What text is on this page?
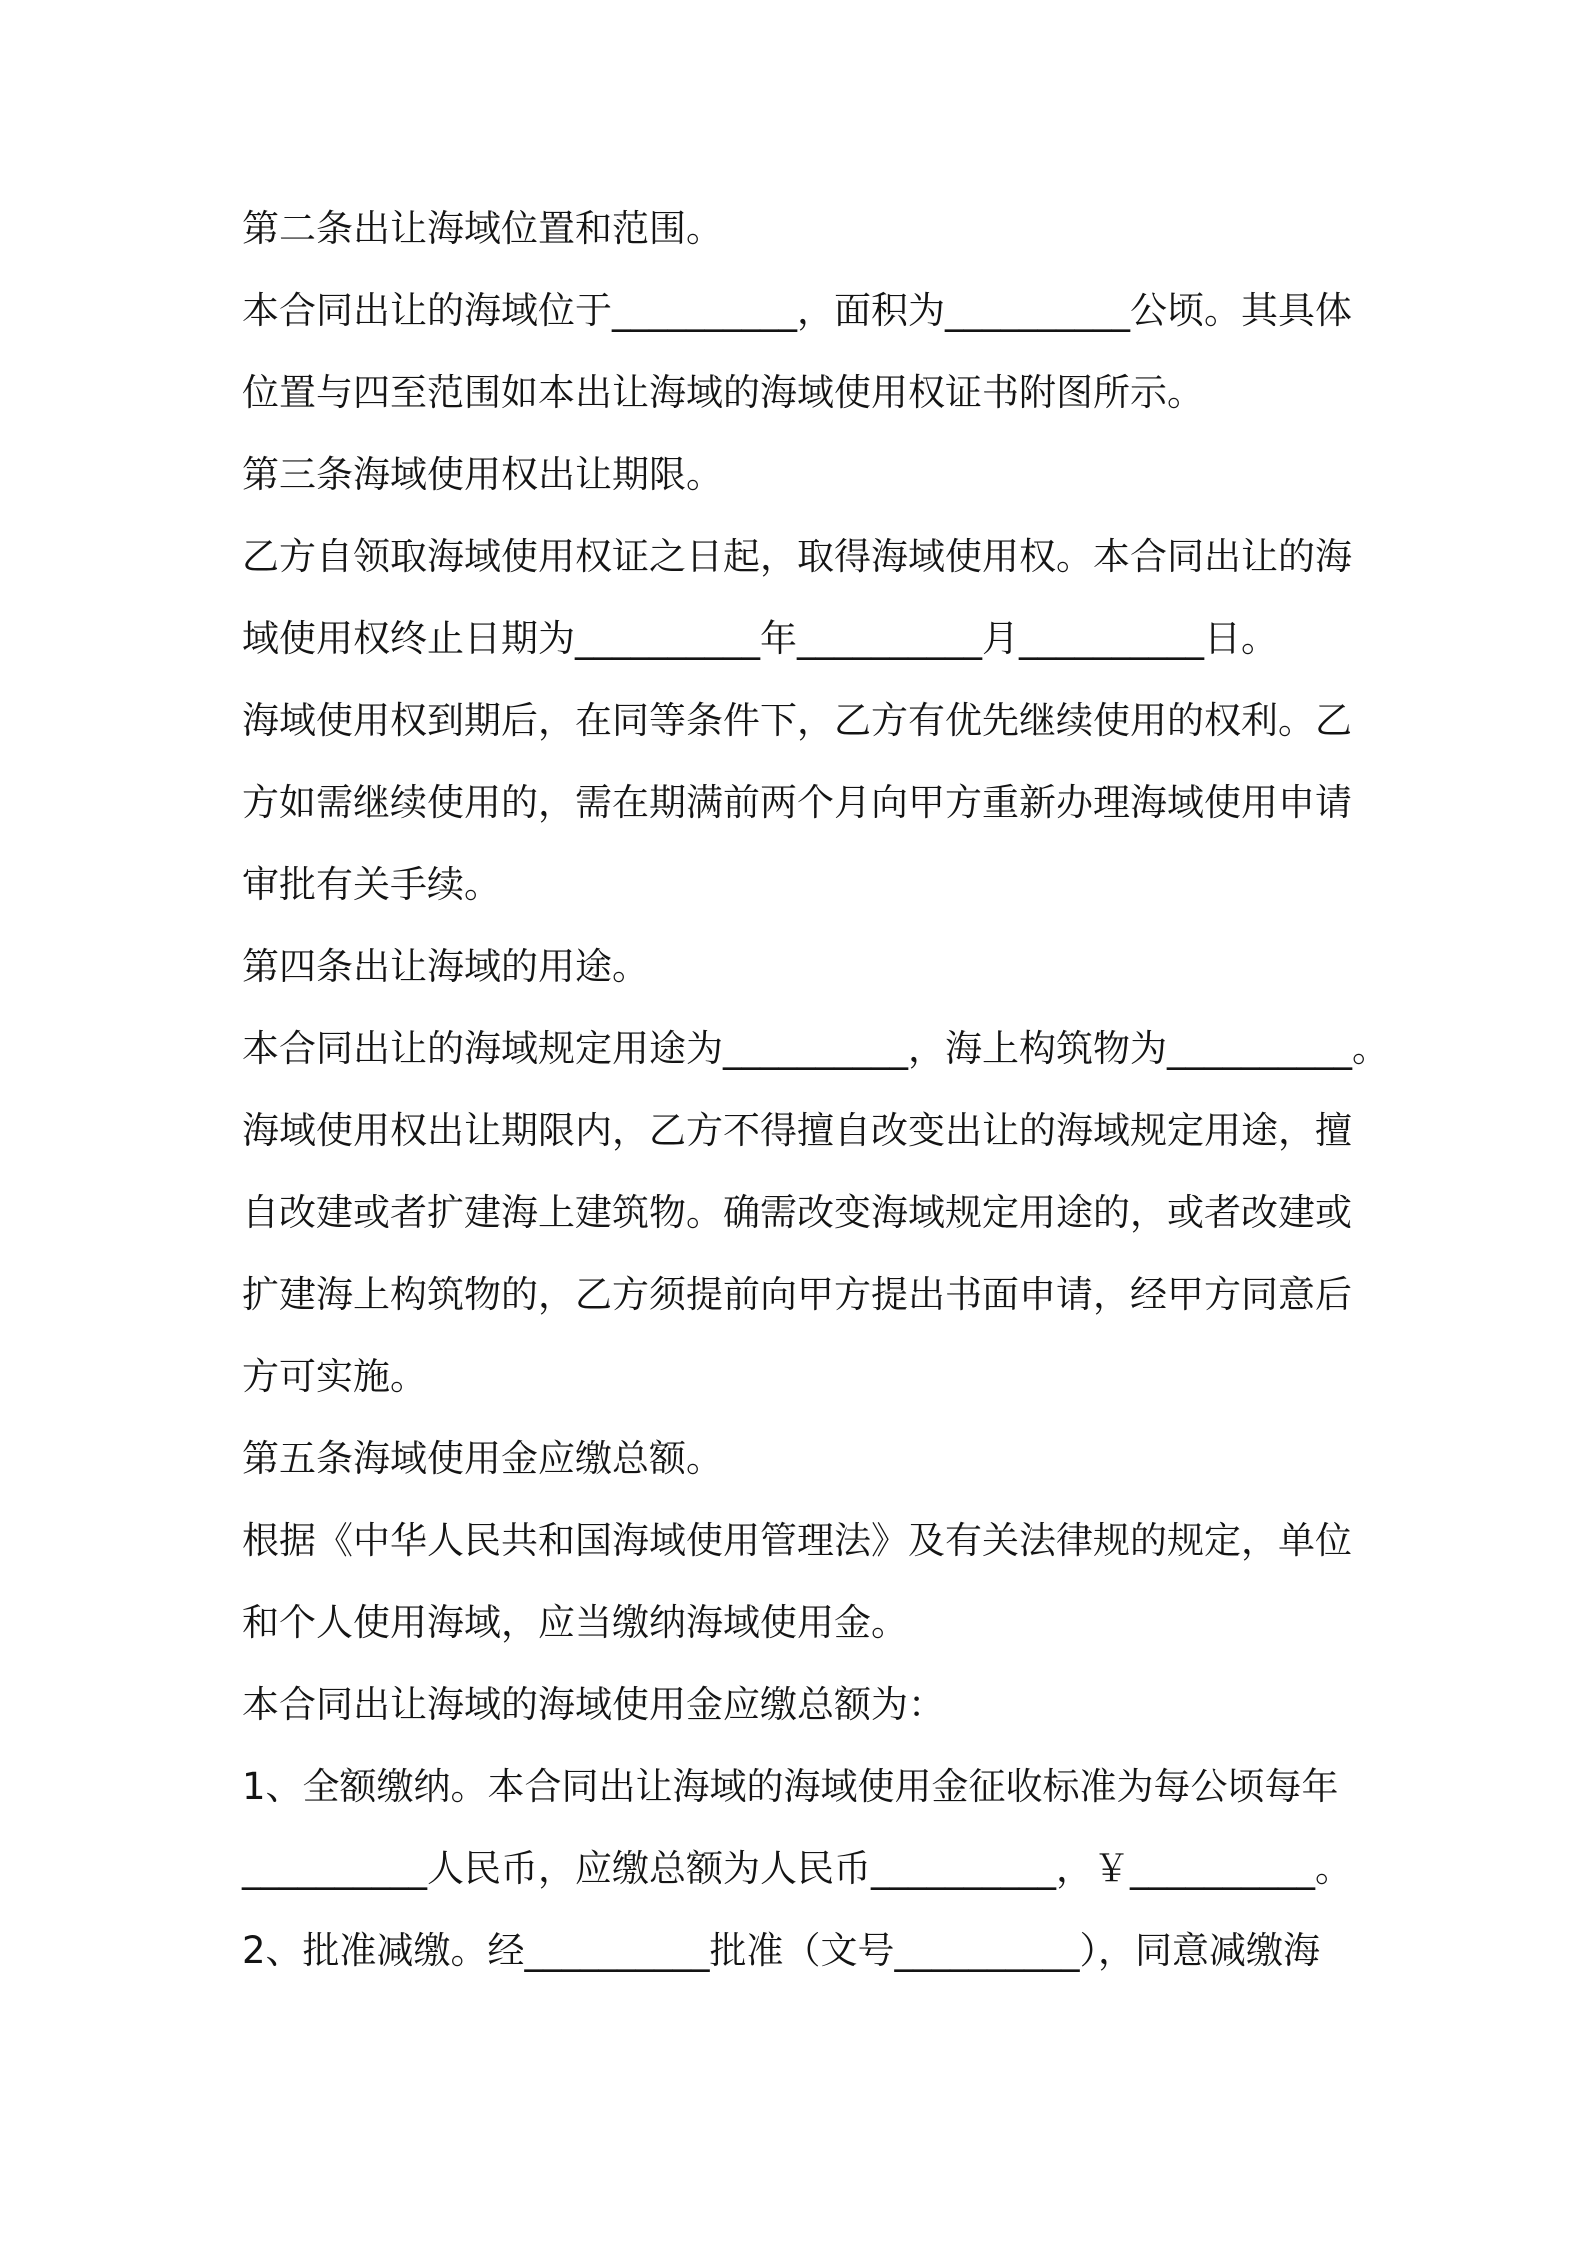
第二条出让海域位置和范围。
本合同出让的海域位于__________，面积为__________公顷。其具体
位置与四至范围如本出让海域的海域使用权证书附图所示。
第三条海域使用权出让期限。
乙方自领取海域使用权证之日起，取得海域使用权。本合同出让的海
域使用权终止日期为__________年__________月__________日。
海域使用权到期后，在同等条件下，乙方有优先继续使用的权利。乙
方如需继续使用的，需在期满前两个月向甲方重新办理海域使用申请
审批有关手续。
第四条出让海域的用途。
本合同出让的海域规定用途为__________，海上构筑物为__________。
海域使用权出让期限内，乙方不得擅自改变出让的海域规定用途，擅
自改建或者扩建海上建筑物。确需改变海域规定用途的，或者改建或
扩建海上构筑物的，乙方须提前向甲方提出书面申请，经甲方同意后
方可实施。
第五条海域使用金应缴总额。
根据《中华人民共和国海域使用管理法》及有关法律规的规定，单位
和个人使用海域，应当缴纳海域使用金。
本合同出让海域的海域使用金应缴总额为：
1、全额缴纳。本合同出让海域的海域使用金征收标准为每公顷每年
__________人民币，应缴总额为人民币__________，￥__________。
2、批准减缴。经__________批准（文号__________），同意减缴海
